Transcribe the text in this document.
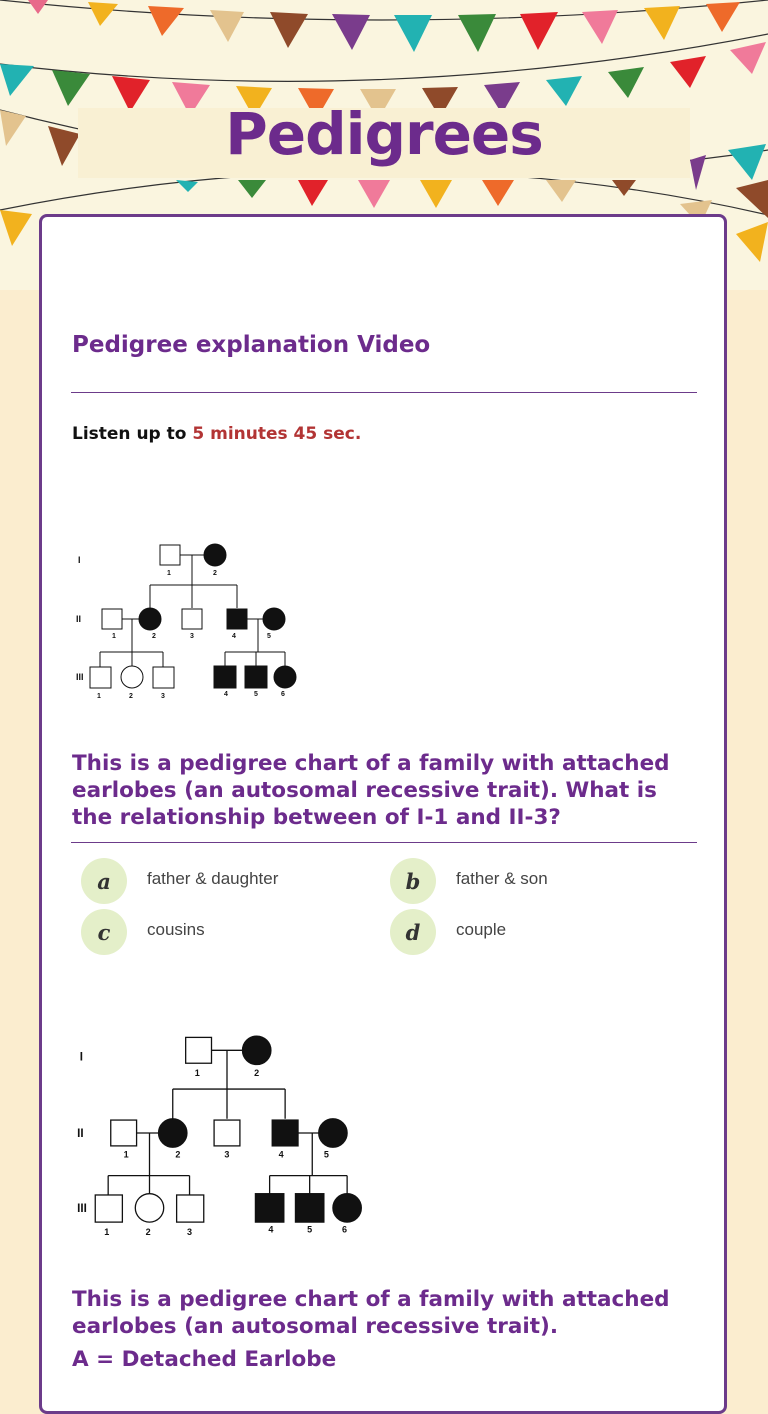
Pedigrees
Pedigree explanation Video
Listen up to 5 minutes 45 sec.
I
II
III
1	2
1	2	3	4	5
1	2	3	4	5	6
This is a pedigree chart of a family with attached earlobes (an autosomal recessive trait). What is the relationship between of I-1 and II-3?
a	father & daughter	b	father & son
c	cousins	d	couple
I
II
III
1	2
1	2	3	4	5
1	2	3	4	5	6
This is a pedigree chart of a family with attached earlobes (an autosomal recessive trait).
A = Detached Earlobe
